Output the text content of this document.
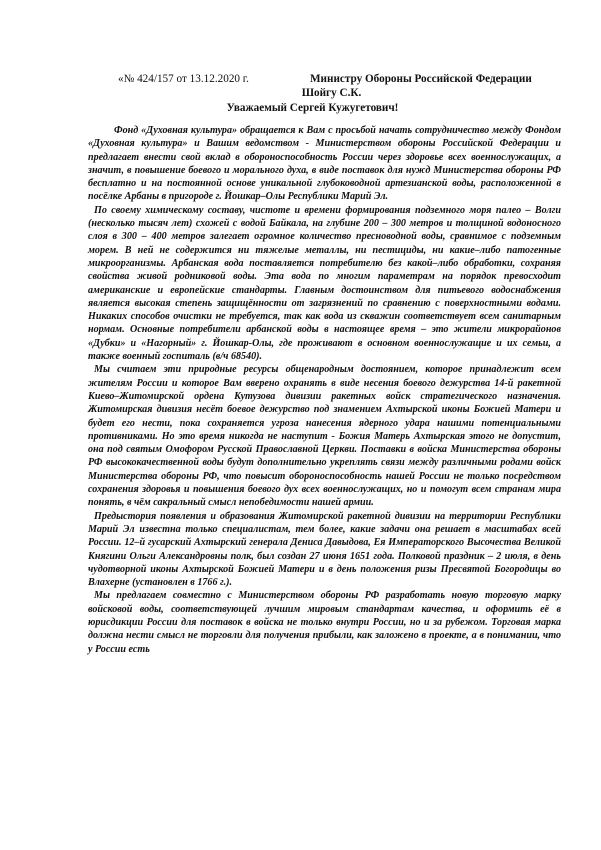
«№ 424/157 от 13.12.2020 г.	Министру Обороны Российской Федерации
Шойгу С.К.
Уважаемый Сергей Кужугетович!

Фонд «Духовная культура» обращается к Вам с просьбой начать сотрудничество между Фондом «Духовная культура» и Вашим ведомством - Министерством обороны Российской Федерации и предлагает внести свой вклад в обороноспособность России через здоровье всех военнослужащих, а значит, в повышение боевого и морального духа, в виде поставок для нужд Министерства обороны РФ бесплатно и на постоянной основе уникальной глубоководной артезианской воды, расположенной в посёлке Арбаны в пригороде г. Йошкар–Олы Республики Марий Эл.

По своему химическому составу, чистоте и времени формирования подземного моря палео – Волги (несколько тысяч лет) схожей с водой Байкала, на глубине 200 – 300 метров и толщиной водоносного слоя в 300 – 400 метров залегает огромное количество пресноводной воды, сравнимое с подземным морем. В ней не содержится ни тяжелые металлы, ни пестициды, ни какие–либо патогенные микроорганизмы. Арбанская вода поставляется потребителю без какой–либо обработки, сохраняя свойства живой родниковой воды. Эта вода по многим параметрам на порядок превосходит американские и европейские стандарты. Главным достоинством для питьевого водоснабжения является высокая степень защищённости от загрязнений по сравнению с поверхностными водами. Никаких способов очистки не требуется, так как вода из скважин соответствует всем санитарным нормам. Основные потребители арбанской воды в настоящее время – это жители микрорайонов «Дубки» и «Нагорный» г. Йошкар-Олы, где проживают в основном военнослужащие и их семьи, а также военный госпиталь (в/ч 68540).

Мы считаем эти природные ресурсы общенародным достоянием, которое принадлежит всем жителям России и которое Вам вверено охранять в виде несения боевого дежурства 14-й ракетной Киево–Житомирской ордена Кутузова дивизии ракетных войск стратегического назначения. Житомирская дивизия несёт боевое дежурство под знамением Ахтырской иконы Божией Матери и будет его нести, пока сохраняется угроза нанесения ядерного удара нашими потенциальными противниками. Но это время никогда не наступит - Божия Матерь Ахтырская этого не допустит, она под святым Омофором Русской Православной Церкви. Поставки в войска Министерства обороны РФ высококачественной воды будут дополнительно укреплять связи между различными родами войск Министерства обороны РФ, что повысит обороноспособность нашей России не только посредством сохранения здоровья и повышения боевого дух всех военнослужащих, но и помогут всем странам мира понять, в чём сакральный смысл непобедимости нашей армии.

Предыстория появления и образования Житомирской ракетной дивизии на территории Республики Марий Эл известна только специалистам, тем более, какие задачи она решает в масштабах всей России. 12–й гусарский Ахтырский генерала Дениса Давыдова, Ея Императорского Высочества Великой Княгини Ольги Александровны полк, был создан 27 июня 1651 года. Полковой праздник – 2 июля, в день чудотворной иконы Ахтырской Божией Матери и в день положения ризы Пресвятой Богородицы во Влахерне (установлен в 1766 г.).

Мы предлагаем совместно с Министерством обороны РФ разработать новую торговую марку войсковой воды, соответствующей лучшим мировым стандартам качества, и оформить её в юрисдикции России для поставок в войска не только внутри России, но и за рубежом. Торговая марка должна нести смысл не торговли для получения прибыли, как заложено в проекте, а в понимании, что у России есть
